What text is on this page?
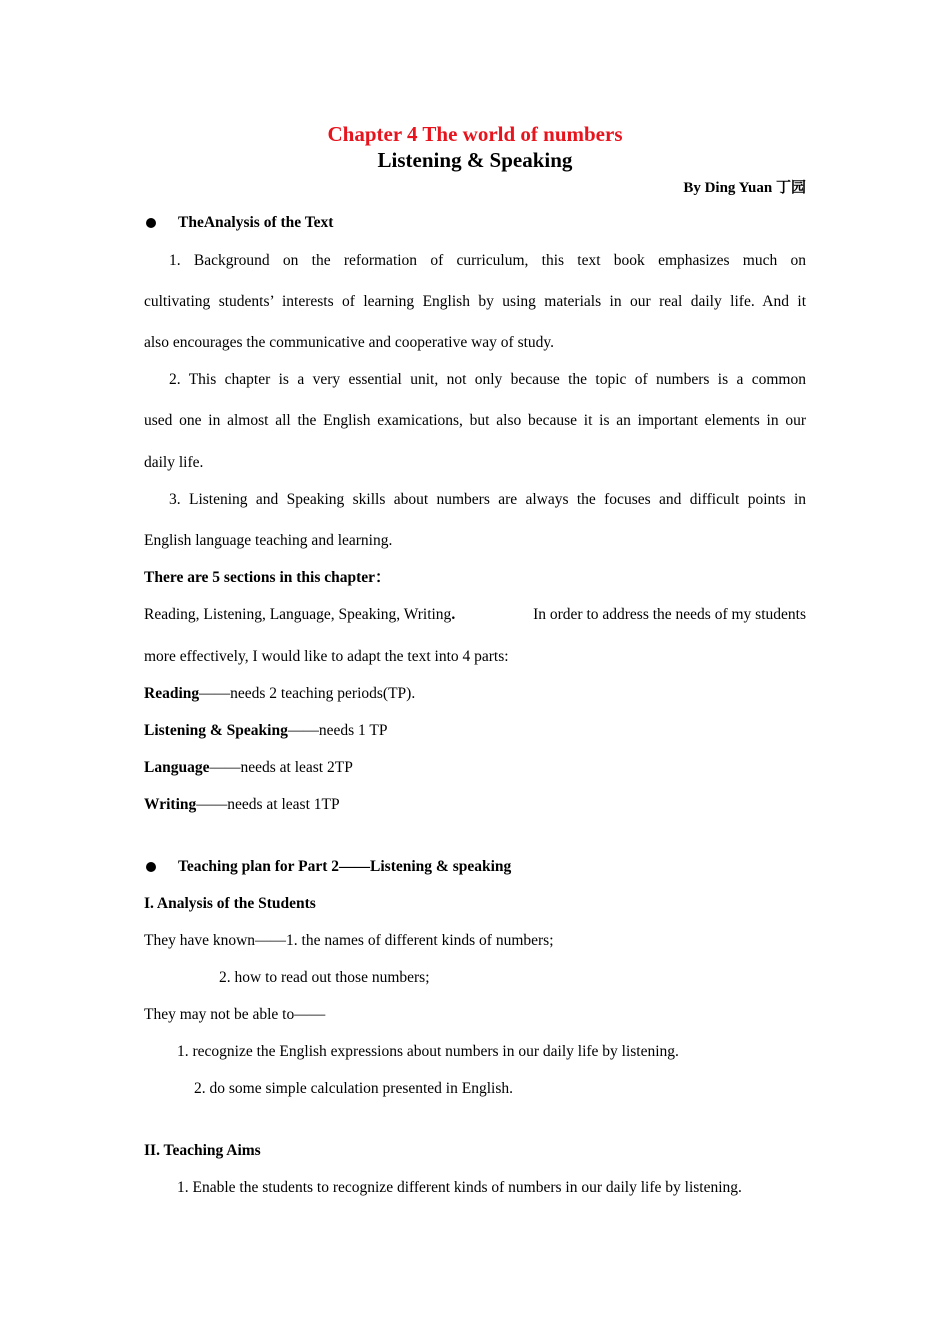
Chapter 4 The world of numbers
Listening & Speaking
By Ding Yuan 丁园
TheAnalysis of the Text
1. Background on the reformation of curriculum, this text book emphasizes much on
cultivating students’ interests of learning English by using materials in our real daily life. And it
also encourages the communicative and cooperative way of study.
2. This chapter is a very essential unit, not only because the topic of numbers is a common
used one in almost all the English examications, but also because it is an important elements in our
daily life.
3. Listening and Speaking skills about numbers are always the focuses and difficult points in
English language teaching and learning.
There are 5 sections in this chapter：
Reading, Listening, Language, Speaking, Writing.	In order to address the needs of my students
more effectively, I would like to adapt the text into 4 parts:
Reading——needs 2 teaching periods(TP).
Listening & Speaking——needs 1 TP
Language——needs at least 2TP
Writing——needs at least 1TP
Teaching plan for Part 2——Listening & speaking
I. Analysis of the Students
They have known——1. the names of different kinds of numbers;
2. how to read out those numbers;
They may not be able to——
1. recognize the English expressions about numbers in our daily life by listening.
2. do some simple calculation presented in English.
II. Teaching Aims
1. Enable the students to recognize different kinds of numbers in our daily life by listening.
